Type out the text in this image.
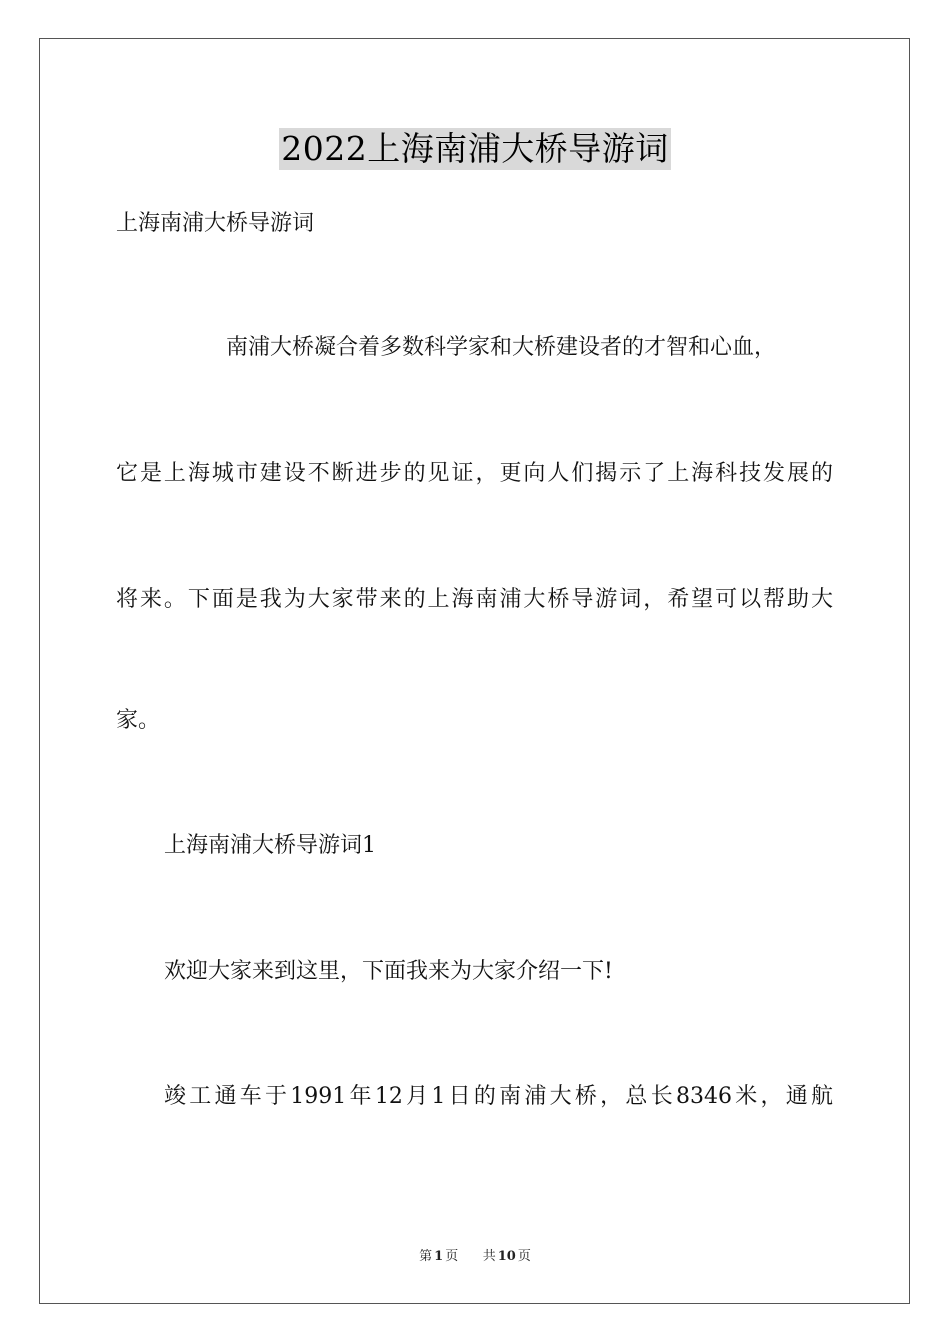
2022上海南浦大桥导游词
上海南浦大桥导游词
南浦大桥凝合着多数科学家和大桥建设者的才智和心血，
它是上海城市建设不断进步的见证，更向人们揭示了上海科技发展的
将来。下面是我为大家带来的上海南浦大桥导游词，希望可以帮助大
家。
上海南浦大桥导游词1
欢迎大家来到这里，下面我来为大家介绍一下!
竣工通车于1991年12月1日的南浦大桥，总长8346米，通航
第 1 页 共 10 页
